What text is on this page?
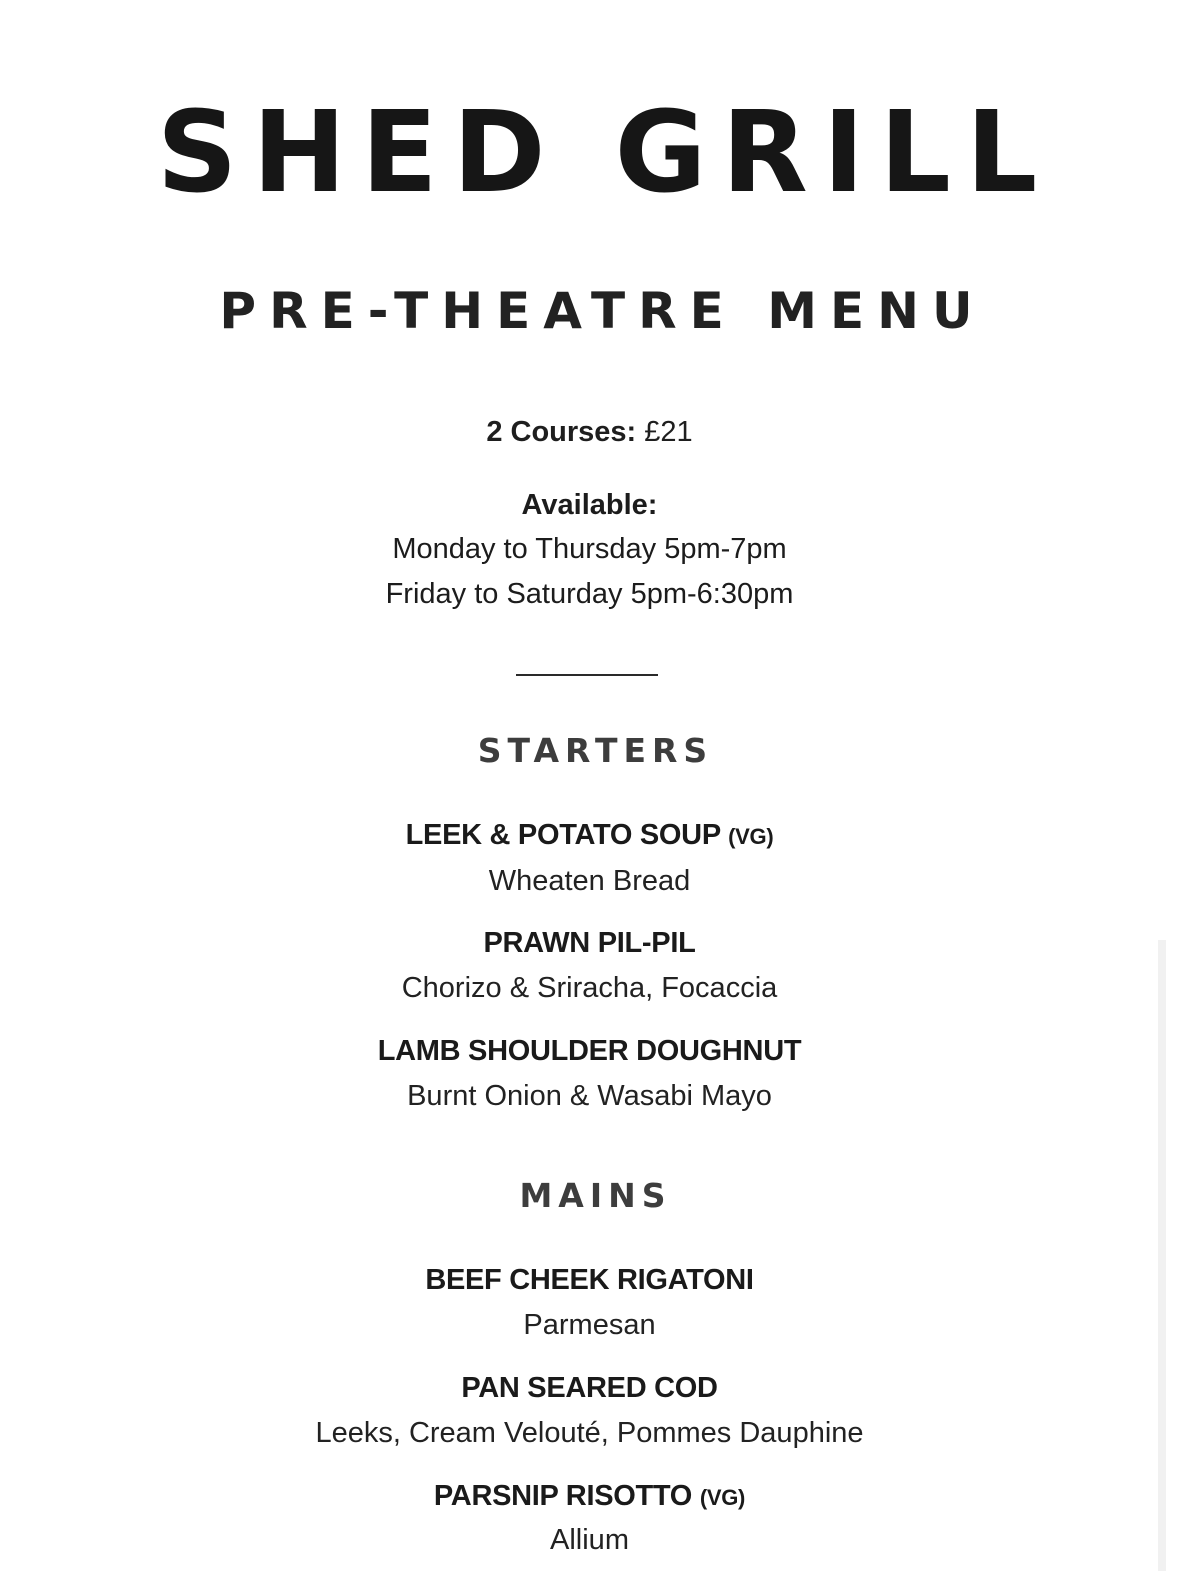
SHED GRILL
PRE-THEATRE MENU
2 Courses: £21
Available:
Monday to Thursday 5pm-7pm
Friday to Saturday 5pm-6:30pm
STARTERS
LEEK & POTATO SOUP (VG)
Wheaten Bread
PRAWN PIL-PIL
Chorizo & Sriracha, Focaccia
LAMB SHOULDER DOUGHNUT
Burnt Onion & Wasabi Mayo
MAINS
BEEF CHEEK RIGATONI
Parmesan
PAN SEARED COD
Leeks, Cream Velouté, Pommes Dauphine
PARSNIP RISOTTO (VG)
Allium
